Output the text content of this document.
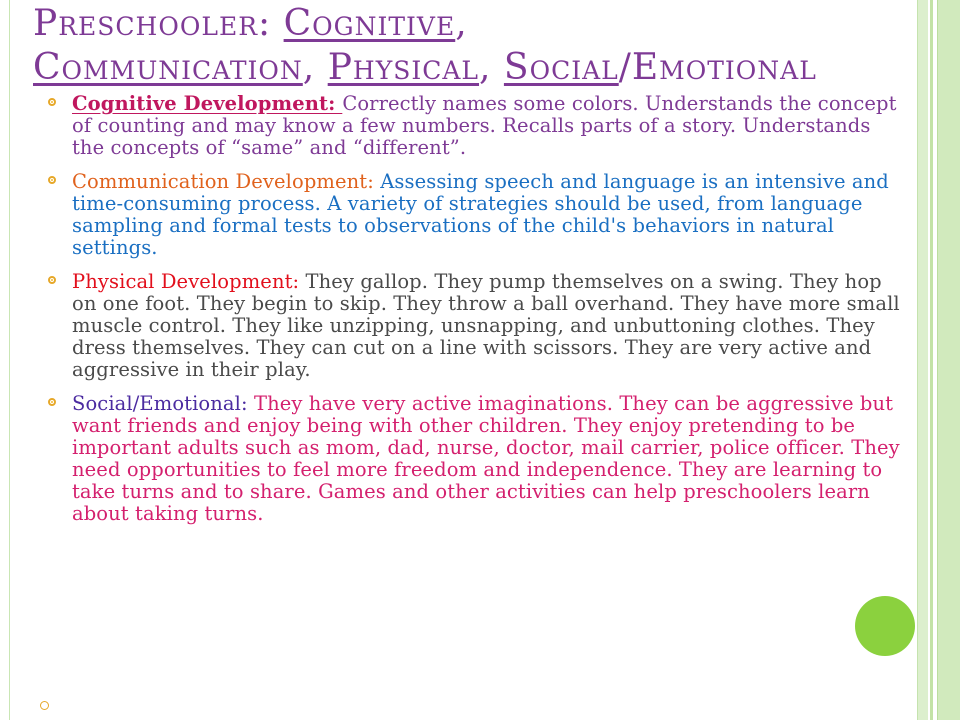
Preschooler: Cognitive,
Communication, Physical, Social/Emotional
Cognitive Development: Correctly names some colors. Understands the concept of counting and may know a few numbers. Recalls parts of a story. Understands the concepts of “same” and “different”.
Communication Development: Assessing speech and language is an intensive and time-consuming process. A variety of strategies should be used, from language sampling and formal tests to observations of the child's behaviors in natural settings.
Physical Development: They gallop. They pump themselves on a swing. They hop on one foot. They begin to skip. They throw a ball overhand. They have more small muscle control. They like unzipping, unsnapping, and unbuttoning clothes. They dress themselves. They can cut on a line with scissors. They are very active and aggressive in their play.
Social/Emotional: They have very active imaginations. They can be aggressive but want friends and enjoy being with other children. They enjoy pretending to be important adults such as mom, dad, nurse, doctor, mail carrier, police officer. They need opportunities to feel more freedom and independence. They are learning to take turns and to share. Games and other activities can help preschoolers learn about taking turns.
